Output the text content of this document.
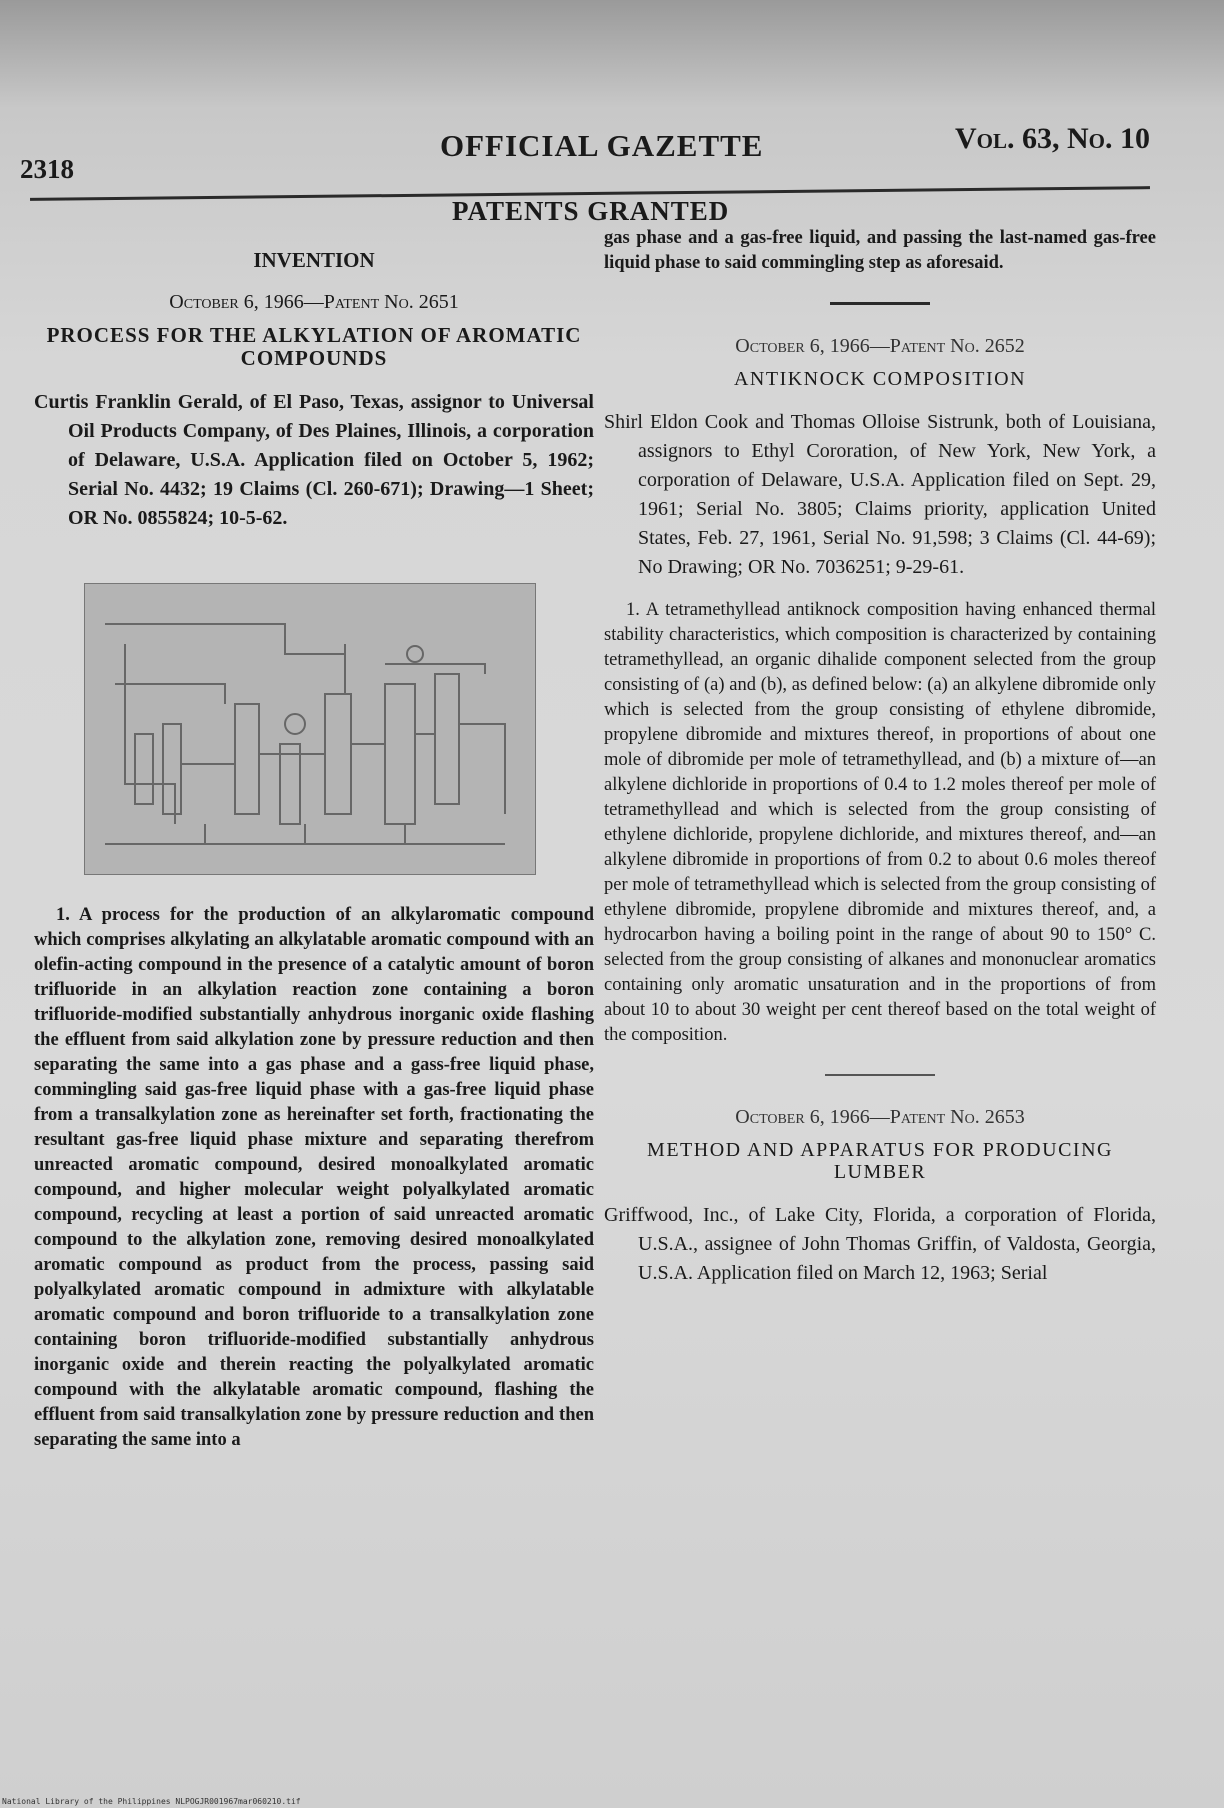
2318
OFFICIAL GAZETTE	Vol. 63, No. 10
PATENTS GRANTED
INVENTION
October 6, 1966—Patent No. 2651
PROCESS FOR THE ALKYLATION OF AROMATIC COMPOUNDS

Curtis Franklin Gerald, of El Paso, Texas, assignor to Universal Oil Products Company, of Des Plaines, Illinois, a corporation of Delaware, U.S.A. Application filed on October 5, 1962; Serial No. 4432; 19 Claims (Cl. 260-671); Drawing—1 Sheet; OR No. 0855824; 10-5-62.

1. A process for the production of an alkylaromatic compound which comprises alkylating an alkylatable aromatic compound with an olefin-acting compound in the presence of a catalytic amount of boron trifluoride in an alkylation reaction zone containing a boron trifluoride-modified substantially anhydrous inorganic oxide flashing the effluent from said alkylation zone by pressure reduction and then separating the same into a gas phase and a gass-free liquid phase, commingling said gas-free liquid phase with a gas-free liquid phase from a transalkylation zone as hereinafter set forth, fractionating the resultant gas-free liquid phase mixture and separating therefrom unreacted aromatic compound, desired monoalkylated aromatic compound, and higher molecular weight polyalkylated aromatic compound, recycling at least a portion of said unreacted aromatic compound to the alkylation zone, removing desired monoalkylated aromatic compound as product from the process, passing said polyalkylated aromatic compound in admixture with alkylatable aromatic compound and boron trifluoride to a transalkylation zone containing boron trifluoride-modified substantially anhydrous inorganic oxide and therein reacting the polyalkylated aromatic compound with the alkylatable aromatic compound, flashing the effluent from said transalkylation zone by pressure reduction and then separating the same into a

gas phase and a gas-free liquid, and passing the last-named gas-free liquid phase to said commingling step as aforesaid.

October 6, 1966—Patent No. 2652
ANTIKNOCK COMPOSITION

Shirl Eldon Cook and Thomas Olloise Sistrunk, both of Louisiana, assignors to Ethyl Cororation, of New York, New York, a corporation of Delaware, U.S.A. Application filed on Sept. 29, 1961; Serial No. 3805; Claims priority, application United States, Feb. 27, 1961, Serial No. 91,598; 3 Claims (Cl. 44-69); No Drawing; OR No. 7036251; 9-29-61.

1. A tetramethyllead antiknock composition having enhanced thermal stability characteristics, which composition is characterized by containing tetramethyllead, an organic dihalide component selected from the group consisting of (a) and (b), as defined below: (a) an alkylene dibromide only which is selected from the group consisting of ethylene dibromide, propylene dibromide and mixtures thereof, in proportions of about one mole of dibromide per mole of tetramethyllead, and (b) a mixture of—an alkylene dichloride in proportions of 0.4 to 1.2 moles thereof per mole of tetramethyllead and which is selected from the group consisting of ethylene dichloride, propylene dichloride, and mixtures thereof, and—an alkylene dibromide in proportions of from 0.2 to about 0.6 moles thereof per mole of tetramethyllead which is selected from the group consisting of ethylene dibromide, propylene dibromide and mixtures thereof, and, a hydrocarbon having a boiling point in the range of about 90 to 150° C. selected from the group consisting of alkanes and mononuclear aromatics containing only aromatic unsaturation and in the proportions of from about 10 to about 30 weight per cent thereof based on the total weight of the composition.

October 6, 1966—Patent No. 2653
METHOD AND APPARATUS FOR PRODUCING LUMBER

Griffwood, Inc., of Lake City, Florida, a corporation of Florida, U.S.A., assignee of John Thomas Griffin, of Valdosta, Georgia, U.S.A. Application filed on March 12, 1963; Serial

National Library of the Philippines NLPOGJR001967mar060210.tif
